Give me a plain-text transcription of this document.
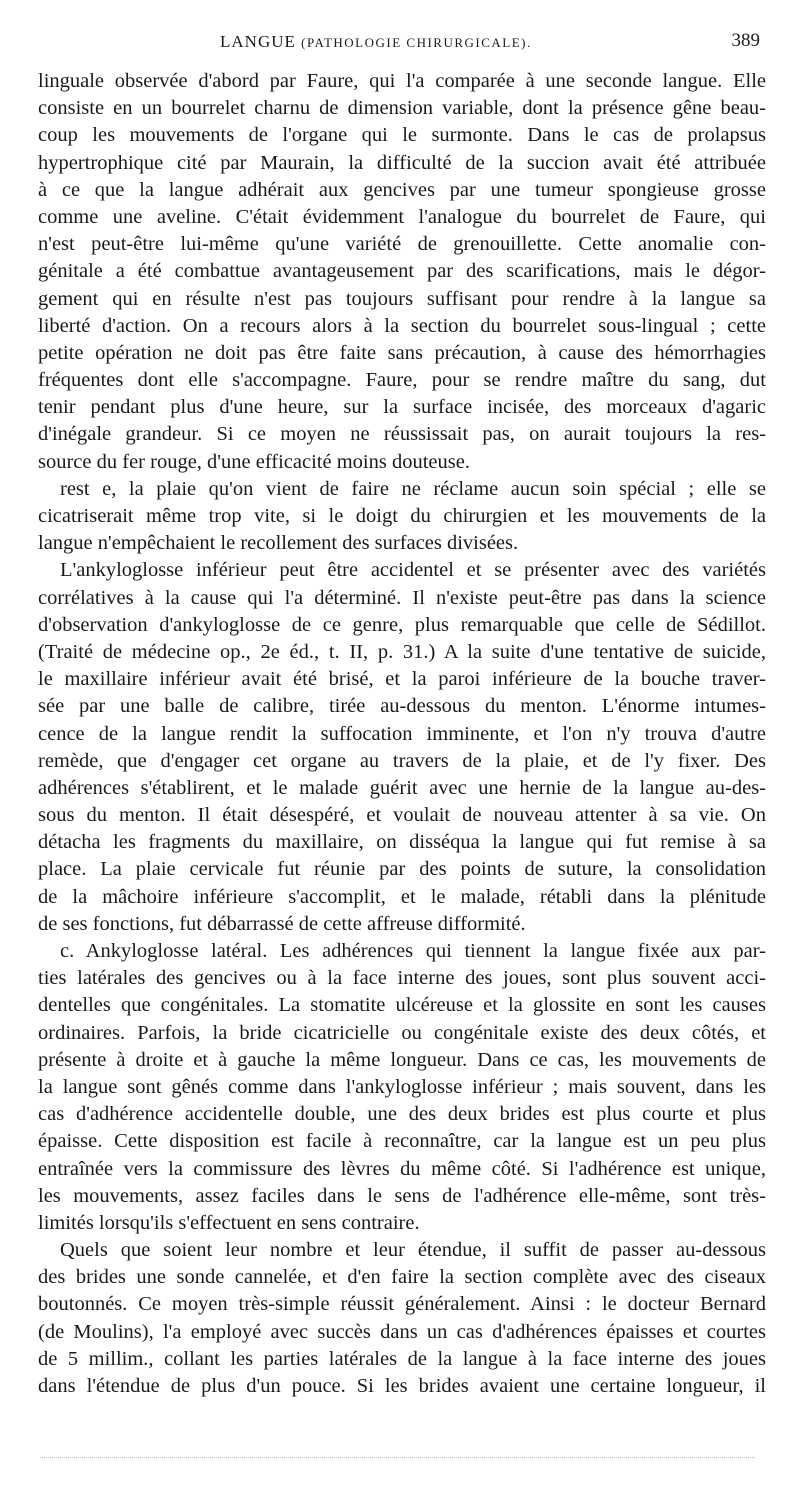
LANGUE (PATHOLOGIE CHIRURGICALE).	389
linguale observée d'abord par Faure, qui l'a comparée à une seconde langue. Elle
consiste en un bourrelet charnu de dimension variable, dont la présence gêne beau-
coup les mouvements de l'organe qui le surmonte. Dans le cas de prolapsus
hypertrophique cité par Maurain, la difficulté de la succion avait été attribuée
à ce que la langue adhérait aux gencives par une tumeur spongieuse grosse
comme une aveline. C'était évidemment l'analogue du bourrelet de Faure, qui
n'est peut-être lui-même qu'une variété de grenouillette. Cette anomalie con-
génitale a été combattue avantageusement par des scarifications, mais le dégor-
gement qui en résulte n'est pas toujours suffisant pour rendre à la langue sa
liberté d'action. On a recours alors à la section du bourrelet sous-lingual ; cette
petite opération ne doit pas être faite sans précaution, à cause des hémorrhagies
fréquentes dont elle s'accompagne. Faure, pour se rendre maître du sang, dut
tenir pendant plus d'une heure, sur la surface incisée, des morceaux d'agaric
d'inégale grandeur. Si ce moyen ne réussissait pas, on aurait toujours la res-
source du fer rouge, d'une efficacité moins douteuse.
rest e, la plaie qu'on vient de faire ne réclame aucun soin spécial ; elle se
cicatriserait même trop vite, si le doigt du chirurgien et les mouvements de la
langue n'empêchaient le recollement des surfaces divisées.
L'ankyloglosse inférieur peut être accidentel et se présenter avec des variétés
corrélatives à la cause qui l'a déterminé. Il n'existe peut-être pas dans la science
d'observation d'ankyloglosse de ce genre, plus remarquable que celle de Sédillot.
(Traité de médecine op., 2e éd., t. II, p. 31.) A la suite d'une tentative de suicide,
le maxillaire inférieur avait été brisé, et la paroi inférieure de la bouche traver-
sée par une balle de calibre, tirée au-dessous du menton. L'énorme intumes-
cence de la langue rendit la suffocation imminente, et l'on n'y trouva d'autre
remède, que d'engager cet organe au travers de la plaie, et de l'y fixer. Des
adhérences s'établirent, et le malade guérit avec une hernie de la langue au-des-
sous du menton. Il était désespéré, et voulait de nouveau attenter à sa vie. On
détacha les fragments du maxillaire, on disséqua la langue qui fut remise à sa
place. La plaie cervicale fut réunie par des points de suture, la consolidation
de la mâchoire inférieure s'accomplit, et le malade, rétabli dans la plénitude
de ses fonctions, fut débarrassé de cette affreuse difformité.
c. Ankyloglosse latéral. Les adhérences qui tiennent la langue fixée aux par-
ties latérales des gencives ou à la face interne des joues, sont plus souvent acci-
dentelles que congénitales. La stomatite ulcéreuse et la glossite en sont les causes
ordinaires. Parfois, la bride cicatricielle ou congénitale existe des deux côtés, et
présente à droite et à gauche la même longueur. Dans ce cas, les mouvements de
la langue sont gênés comme dans l'ankyloglosse inférieur ; mais souvent, dans les
cas d'adhérence accidentelle double, une des deux brides est plus courte et plus
épaisse. Cette disposition est facile à reconnaître, car la langue est un peu plus
entraînée vers la commissure des lèvres du même côté. Si l'adhérence est unique,
les mouvements, assez faciles dans le sens de l'adhérence elle-même, sont très-
limités lorsqu'ils s'effectuent en sens contraire.
Quels que soient leur nombre et leur étendue, il suffit de passer au-dessous
des brides une sonde cannelée, et d'en faire la section complète avec des ciseaux
boutonnés. Ce moyen très-simple réussit généralement. Ainsi : le docteur Bernard
(de Moulins), l'a employé avec succès dans un cas d'adhérences épaisses et courtes
de 5 millim., collant les parties latérales de la langue à la face interne des joues
dans l'étendue de plus d'un pouce. Si les brides avaient une certaine longueur, il
